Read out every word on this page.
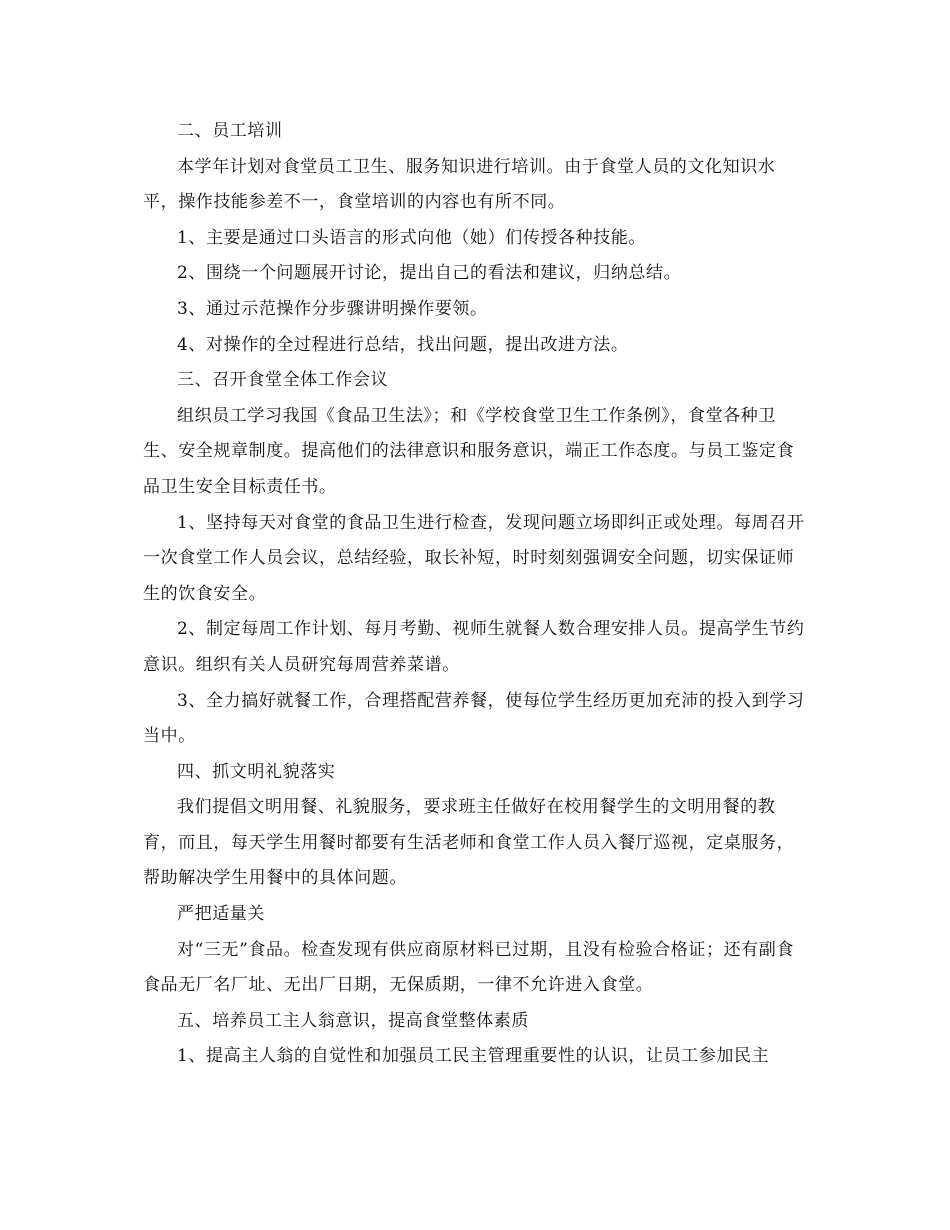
二、员工培训

本学年计划对食堂员工卫生、服务知识进行培训。由于食堂人员的文化知识水平，操作技能参差不一，食堂培训的内容也有所不同。

1、主要是通过口头语言的形式向他（她）们传授各种技能。

2、围绕一个问题展开讨论，提出自己的看法和建议，归纳总结。

3、通过示范操作分步骤讲明操作要领。

4、对操作的全过程进行总结，找出问题，提出改进方法。

三、召开食堂全体工作会议

组织员工学习我国《食品卫生法》；和《学校食堂卫生工作条例》，食堂各种卫生、安全规章制度。提高他们的法律意识和服务意识，端正工作态度。与员工鉴定食品卫生安全目标责任书。

1、坚持每天对食堂的食品卫生进行检查，发现问题立场即纠正或处理。每周召开一次食堂工作人员会议，总结经验，取长补短，时时刻刻强调安全问题，切实保证师生的饮食安全。

2、制定每周工作计划、每月考勤、视师生就餐人数合理安排人员。提高学生节约意识。组织有关人员研究每周营养菜谱。

3、全力搞好就餐工作，合理搭配营养餐，使每位学生经历更加充沛的投入到学习当中。

四、抓文明礼貌落实

我们提倡文明用餐、礼貌服务，要求班主任做好在校用餐学生的文明用餐的教育，而且，每天学生用餐时都要有生活老师和食堂工作人员入餐厅巡视，定桌服务，帮助解决学生用餐中的具体问题。

严把适量关

对“三无”食品。检查发现有供应商原材料已过期，且没有检验合格证；还有副食食品无厂名厂址、无出厂日期，无保质期，一律不允许进入食堂。

五、培养员工主人翁意识，提高食堂整体素质

1、提高主人翁的自觉性和加强员工民主管理重要性的认识，让员工参加民主
